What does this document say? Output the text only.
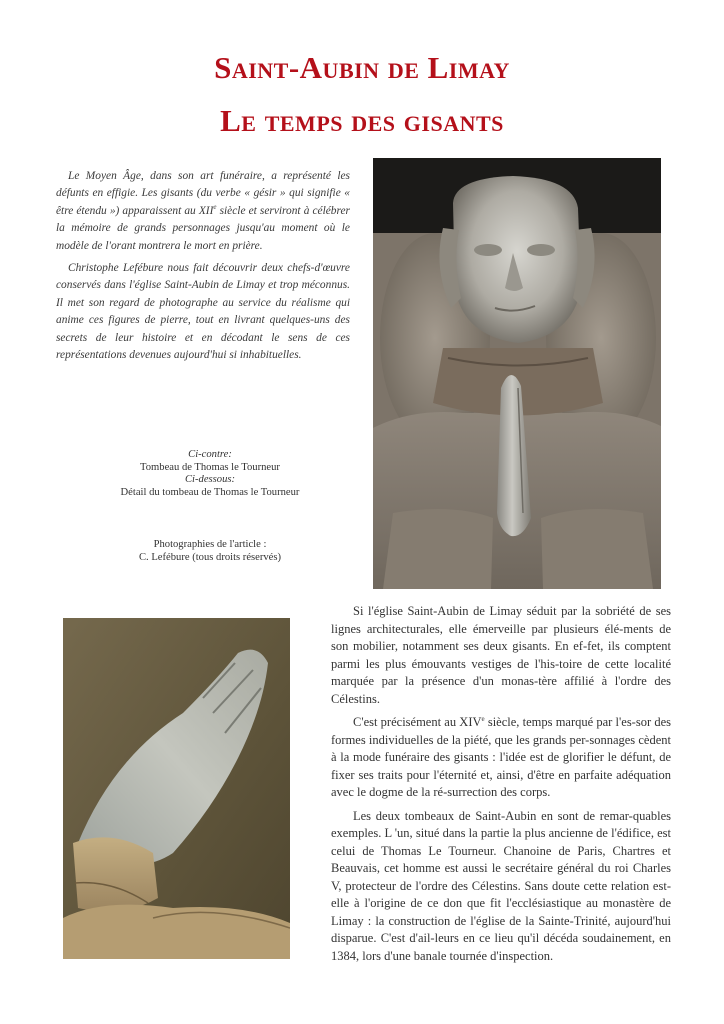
Saint-Aubin de Limay
Le temps des gisants

Le Moyen Âge, dans son art funéraire, a représenté les défunts en effigie. Les gisants (du verbe « gésir » qui signifie « être étendu ») apparaissent au XIIe siècle et serviront à célébrer la mémoire de grands personnages jusqu'au moment où le modèle de l'orant montrera le mort en prière.

Christophe Lefébure nous fait découvrir deux chefs-d'œuvre conservés dans l'église Saint-Aubin de Limay et trop méconnus. Il met son regard de photographe au service du réalisme qui anime ces figures de pierre, tout en livrant quelques-uns des secrets de leur histoire et en décodant le sens de ces représentations devenues aujourd'hui si inhabituelles.

Ci-contre:
Tombeau de Thomas le Tourneur
Ci-dessous:
Détail du tombeau de Thomas le Tourneur
Photographies de l'article :
C. Lefébure (tous droits réservés)

Si l'église Saint-Aubin de Limay séduit par la sobriété de ses lignes architecturales, elle émerveille par plusieurs élé-ments de son mobilier, notamment ses deux gisants. En ef-fet, ils comptent parmi les plus émouvants vestiges de l'his-toire de cette localité marquée par la présence d'un monas-tère affilié à l'ordre des Célestins.

C'est précisément au XIVe siècle, temps marqué par l'es-sor des formes individuelles de la piété, que les grands per-sonnages cèdent à la mode funéraire des gisants : l'idée est de glorifier le défunt, de fixer ses traits pour l'éternité et, ainsi, d'être en parfaite adéquation avec le dogme de la ré-surrection des corps.

Les deux tombeaux de Saint-Aubin en sont de remar-quables exemples. L 'un, situé dans la partie la plus ancienne de l'édifice, est celui de Thomas Le Tourneur. Chanoine de Paris, Chartres et Beauvais, cet homme est aussi le secrétaire général du roi Charles V, protecteur de l'ordre des Célestins. Sans doute cette relation est-elle à l'origine de ce don que fit l'ecclésiastique au monastère de Limay : la construction de l'église de la Sainte-Trinité, aujourd'hui disparue. C'est d'ail-leurs en ce lieu qu'il décéda soudainement, en 1384, lors d'une banale tournée d'inspection.
